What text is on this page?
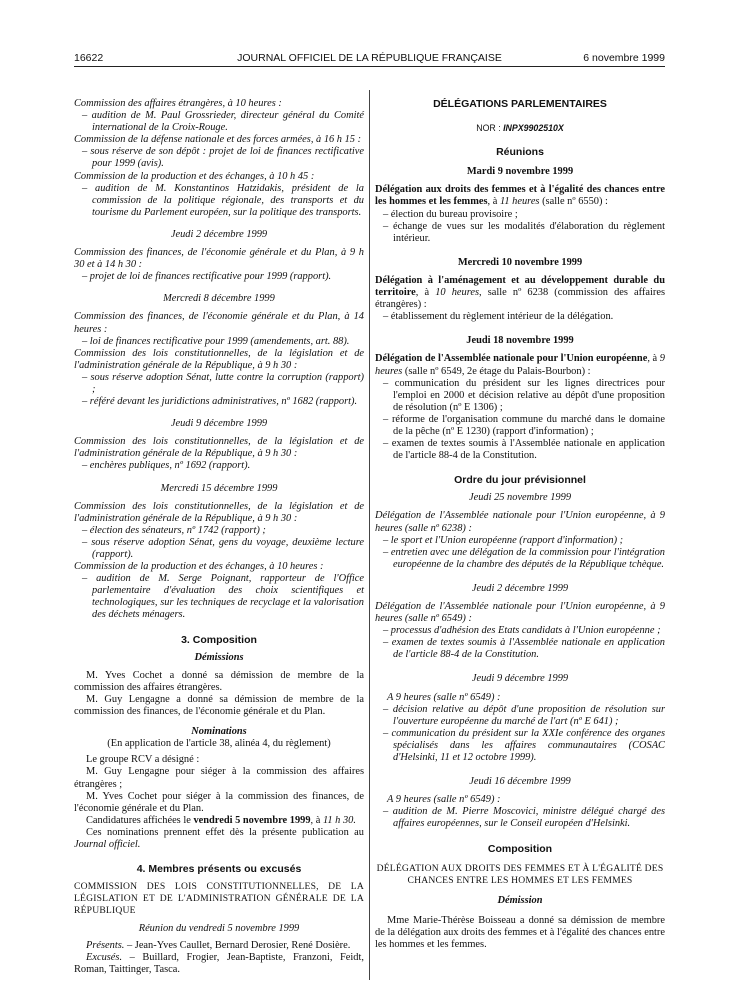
16622	JOURNAL OFFICIEL DE LA RÉPUBLIQUE FRANÇAISE	6 novembre 1999

Commission des affaires étrangères, à 10 heures :

– audition de M. Paul Grossrieder, directeur général du Comité international de la Croix-Rouge.

Commission de la défense nationale et des forces armées, à 16 h 15 :

– sous réserve de son dépôt : projet de loi de finances rectificative pour 1999 (avis).

Commission de la production et des échanges, à 10 h 45 :

– audition de M. Konstantinos Hatzidakis, président de la commission de la politique régionale, des transports et du tourisme du Parlement européen, sur la politique des transports.

Jeudi 2 décembre 1999

Commission des finances, de l'économie générale et du Plan, à 9 h 30 et à 14 h 30 :

– projet de loi de finances rectificative pour 1999 (rapport).

Mercredi 8 décembre 1999

Commission des finances, de l'économie générale et du Plan, à 14 heures :

– loi de finances rectificative pour 1999 (amendements, art. 88).

Commission des lois constitutionnelles, de la législation et de l'administration générale de la République, à 9 h 30 :

– sous réserve adoption Sénat, lutte contre la corruption (rapport) ;

– référé devant les juridictions administratives, nº 1682 (rapport).

Jeudi 9 décembre 1999

Commission des lois constitutionnelles, de la législation et de l'administration générale de la République, à 9 h 30 :

– enchères publiques, nº 1692 (rapport).

Mercredi 15 décembre 1999

Commission des lois constitutionnelles, de la législation et de l'administration générale de la République, à 9 h 30 :

– élection des sénateurs, nº 1742 (rapport) ;

– sous réserve adoption Sénat, gens du voyage, deuxième lecture (rapport).

Commission de la production et des échanges, à 10 heures :

– audition de M. Serge Poignant, rapporteur de l'Office parlementaire d'évaluation des choix scientifiques et technologiques, sur les techniques de recyclage et la valorisation des déchets ménagers.

3. Composition

Démissions

M. Yves Cochet a donné sa démission de membre de la commission des affaires étrangères.

M. Guy Lengagne a donné sa démission de membre de la commission des finances, de l'économie générale et du Plan.

Nominations

(En application de l'article 38, alinéa 4, du règlement)

Le groupe RCV a désigné :

M. Guy Lengagne pour siéger à la commission des affaires étrangères ;

M. Yves Cochet pour siéger à la commission des finances, de l'économie générale et du Plan.

Candidatures affichées le vendredi 5 novembre 1999, à 11 h 30.

Ces nominations prennent effet dès la présente publication au Journal officiel.

4. Membres présents ou excusés

COMMISSION DES LOIS CONSTITUTIONNELLES, DE LA LÉGISLATION ET DE L'ADMINISTRATION GÉNÉRALE DE LA RÉPUBLIQUE

Réunion du vendredi 5 novembre 1999

Présents. – Jean-Yves Caullet, Bernard Derosier, René Dosière.

Excusés. – Buillard, Frogier, Jean-Baptiste, Franzoni, Feidt, Roman, Taittinger, Tasca.

DÉLÉGATIONS PARLEMENTAIRES

NOR : INPX9902510X

Réunions

Mardi 9 novembre 1999

Délégation aux droits des femmes et à l'égalité des chances entre les hommes et les femmes, à 11 heures (salle nº 6550) :

– élection du bureau provisoire ;

– échange de vues sur les modalités d'élaboration du règlement intérieur.

Mercredi 10 novembre 1999

Délégation à l'aménagement et au développement durable du territoire, à 10 heures, salle nº 6238 (commission des affaires étrangères) :

– établissement du règlement intérieur de la délégation.

Jeudi 18 novembre 1999

Délégation de l'Assemblée nationale pour l'Union européenne, à 9 heures (salle nº 6549, 2e étage du Palais-Bourbon) :

– communication du président sur les lignes directrices pour l'emploi en 2000 et décision relative au dépôt d'une proposition de résolution (nº E 1306) ;

– réforme de l'organisation commune du marché dans le domaine de la pêche (nº E 1230) (rapport d'information) ;

– examen de textes soumis à l'Assemblée nationale en application de l'article 88-4 de la Constitution.

Ordre du jour prévisionnel

Jeudi 25 novembre 1999

Délégation de l'Assemblée nationale pour l'Union européenne, à 9 heures (salle nº 6238) :

– le sport et l'Union européenne (rapport d'information) ;

– entretien avec une délégation de la commission pour l'intégration européenne de la chambre des députés de la République tchèque.

Jeudi 2 décembre 1999

Délégation de l'Assemblée nationale pour l'Union européenne, à 9 heures (salle nº 6549) :

– processus d'adhésion des Etats candidats à l'Union européenne ;

– examen de textes soumis à l'Assemblée nationale en application de l'article 88-4 de la Constitution.

Jeudi 9 décembre 1999

A 9 heures (salle nº 6549) :

– décision relative au dépôt d'une proposition de résolution sur l'ouverture européenne du marché de l'art (nº E 641) ;

– communication du président sur la XXIe conférence des organes spécialisés dans les affaires communautaires (COSAC d'Helsinki, 11 et 12 octobre 1999).

Jeudi 16 décembre 1999

A 9 heures (salle nº 6549) :

– audition de M. Pierre Moscovici, ministre délégué chargé des affaires européennes, sur le Conseil européen d'Helsinki.

Composition

DÉLÉGATION AUX DROITS DES FEMMES ET À L'ÉGALITÉ DES CHANCES ENTRE LES HOMMES ET LES FEMMES

Démission

Mme Marie-Thérèse Boisseau a donné sa démission de membre de la délégation aux droits des femmes et à l'égalité des chances entre les hommes et les femmes.
